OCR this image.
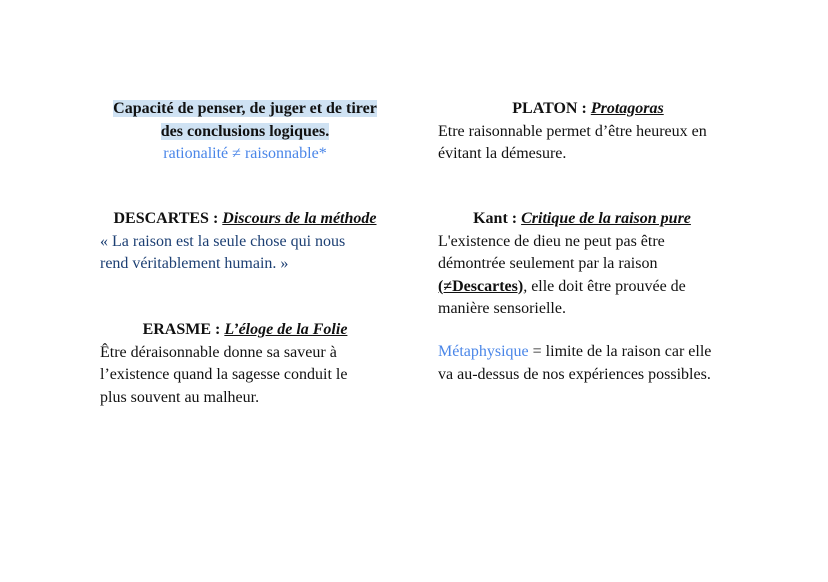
Capacité de penser, de juger et de tirer
des conclusions logiques.
rationalité ≠ raisonnable*
PLATON : Protagoras
Etre raisonnable permet d’être heureux en
évitant la démesure.
DESCARTES : Discours de la méthode
« La raison est la seule chose qui nous
rend véritablement humain. »
Kant : Critique de la raison pure
L'existence de dieu ne peut pas être
démontrée seulement par la raison
(≠Descartes), elle doit être prouvée de
manière sensorielle.
ERASME : L’éloge de la Folie
Être déraisonnable donne sa saveur à
l’existence quand la sagesse conduit le
plus souvent au malheur.
Métaphysique = limite de la raison car elle
va au-dessus de nos expériences possibles.
